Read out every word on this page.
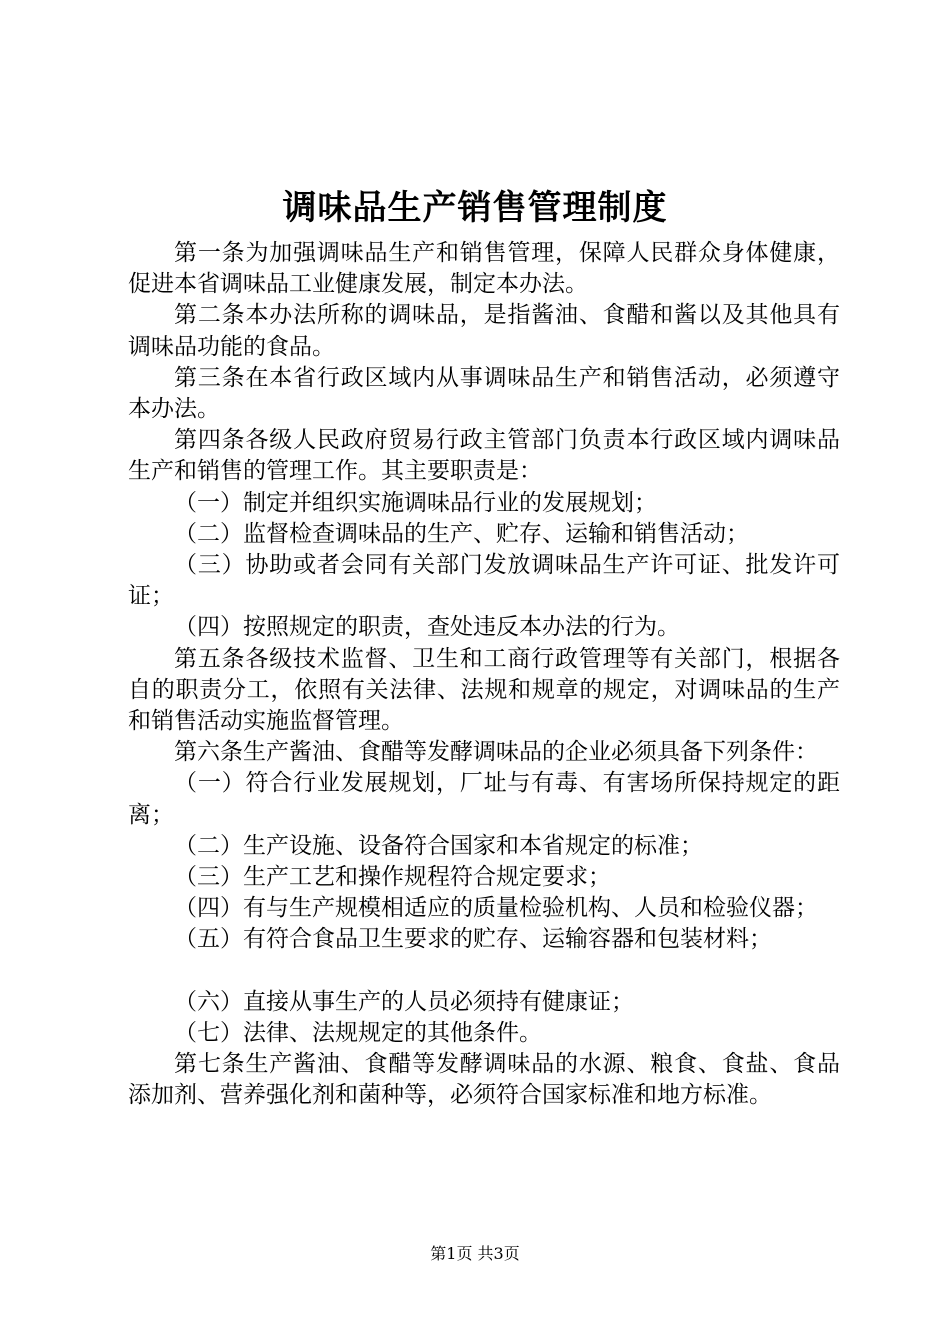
调味品生产销售管理制度

第一条为加强调味品生产和销售管理，保障人民群众身体健康，促进本省调味品工业健康发展，制定本办法。

第二条本办法所称的调味品，是指酱油、食醋和酱以及其他具有调味品功能的食品。

第三条在本省行政区域内从事调味品生产和销售活动，必须遵守本办法。

第四条各级人民政府贸易行政主管部门负责本行政区域内调味品生产和销售的管理工作。其主要职责是：

（一）制定并组织实施调味品行业的发展规划；

（二）监督检查调味品的生产、贮存、运输和销售活动；

（三）协助或者会同有关部门发放调味品生产许可证、批发许可证；

（四）按照规定的职责，查处违反本办法的行为。

第五条各级技术监督、卫生和工商行政管理等有关部门，根据各自的职责分工，依照有关法律、法规和规章的规定，对调味品的生产和销售活动实施监督管理。

第六条生产酱油、食醋等发酵调味品的企业必须具备下列条件：

（一）符合行业发展规划，厂址与有毒、有害场所保持规定的距离；

（二）生产设施、设备符合国家和本省规定的标准；

（三）生产工艺和操作规程符合规定要求；

（四）有与生产规模相适应的质量检验机构、人员和检验仪器；

（五）有符合食品卫生要求的贮存、运输容器和包装材料；

（六）直接从事生产的人员必须持有健康证；

（七）法律、法规规定的其他条件。

第七条生产酱油、食醋等发酵调味品的水源、粮食、食盐、食品添加剂、营养强化剂和菌种等，必须符合国家标准和地方标准。

第1页 共3页
